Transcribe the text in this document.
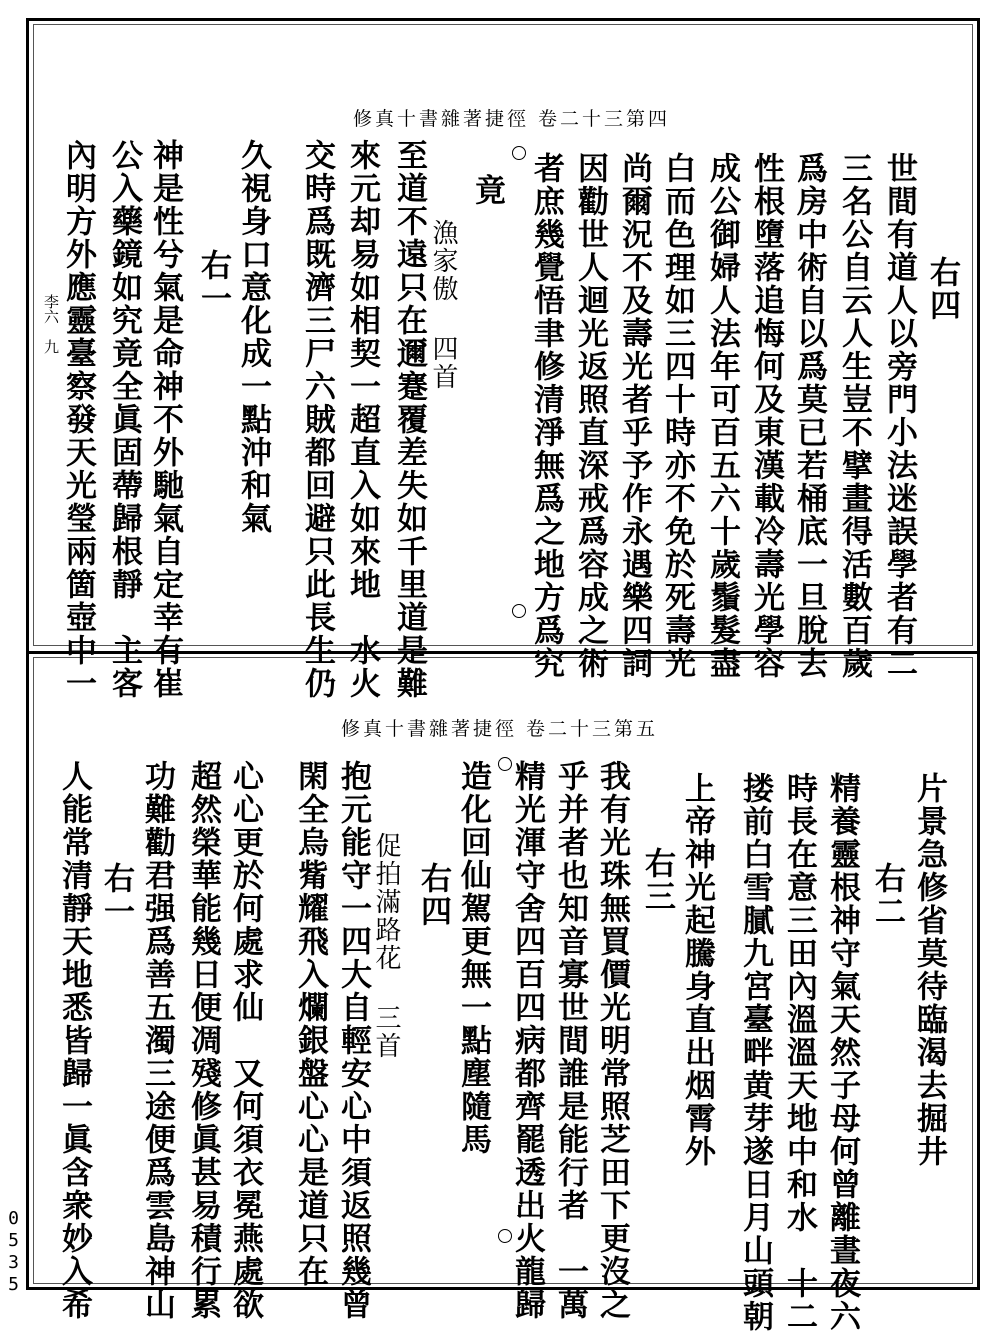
修真十書雜著捷徑 卷二十三第四
右四
世間有道人以旁門小法迷誤學者有二
三名公自云人生豈不擘畫得活數百歲
爲房中術自以爲莫已若桶底一旦脫去
性根墮落追悔何及東漢載冷壽光學容
成公御婦人法年可百五六十歲鬚髮盡
白而色理如三四十時亦不免於死壽光
尚爾況不及壽光者乎予作永遇樂四詞
因勸世人迴光返照直深戒爲容成之術
者庶幾覺悟聿修清淨無爲之地方爲究
竟
漁家傲 四首
至道不遠只在邇蹇覆差失如千里道是難
來元却易如相契一超直入如來地　水火
交時爲既濟三尸六賊都回避只此長生仍
久視身口意化成一點沖和氣
右一
神是性兮氣是命神不外馳氣自定幸有崔
公入藥鏡如究竟全眞固蔕歸根靜　主客
內明方外應靈臺察發天光瑩兩箇壺中一
李六　九
修真十書雜著捷徑 卷二十三第五
片景急修省莫待臨渴去掘井
右二
精養靈根神守氣天然子母何曾離晝夜六
時長在意三田內溫溫天地中和水　十二
搂前白雪膩九宮臺畔黄芽遂日月山頭朝
上帝神光起騰身直出烟霄外
右三
我有光珠無買價光明常照芝田下更沒之
乎并者也知音寡世間誰是能行者　一萬
精光渾守舍四百四病都齊罷透出火龍歸
造化回仙駕更無一點塵隨馬
右四
促拍滿路花 三首
抱元能守一四大自輕安心中須返照幾曾
閑全烏觜耀飛入爛銀盤心心是道只在
心心更於何處求仙　又何須衣冕燕處欲
超然榮華能幾日便凋殘修眞甚易積行累
功難勸君强爲善五濁三途便爲雲島神山
右一
人能常清靜天地悉皆歸一眞含衆妙入希
0535
